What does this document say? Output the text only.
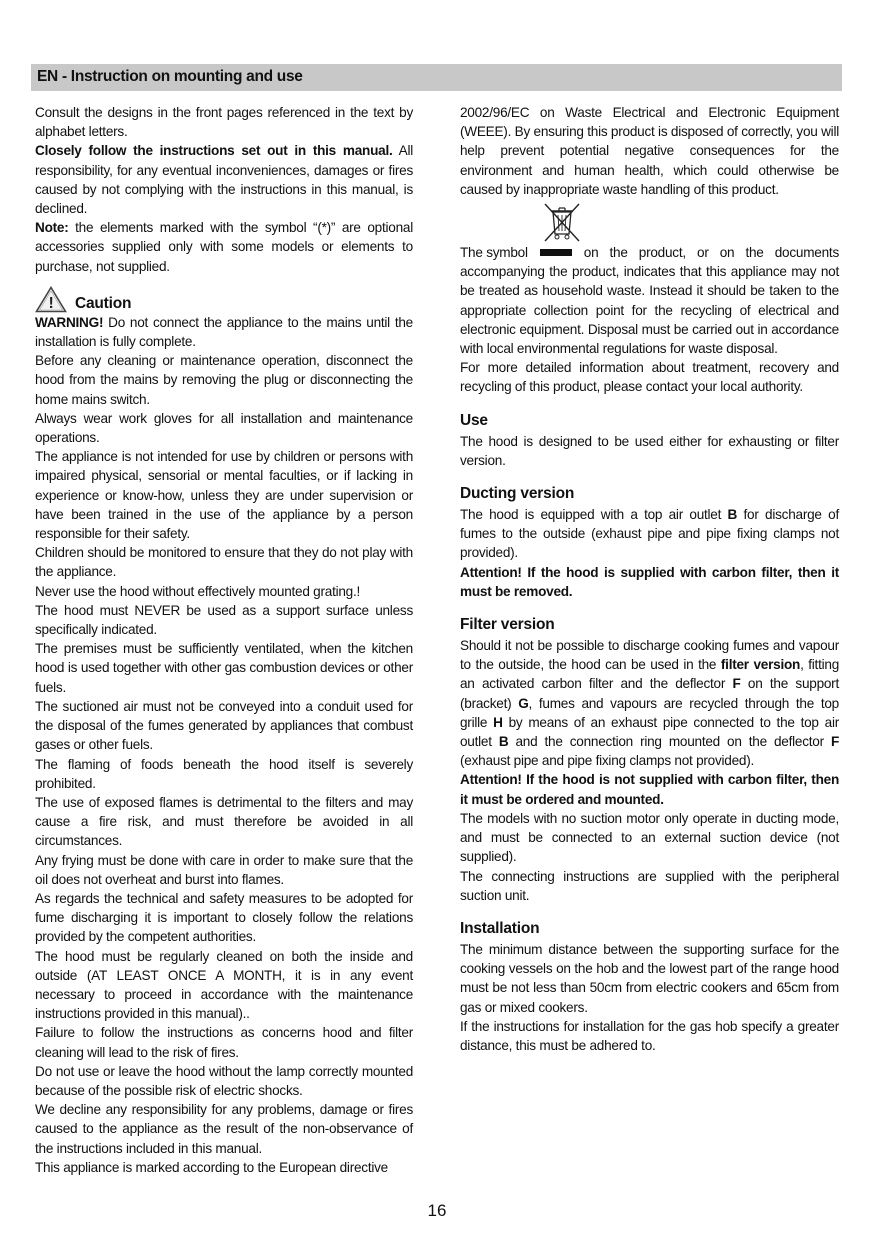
EN - Instruction on mounting and use

Consult the designs in the front pages referenced in the text by alphabet letters.

Closely follow the instructions set out in this manual. All responsibility, for any eventual inconveniences, damages or fires caused by not complying with the instructions in this manual, is declined.

Note: the elements marked with the symbol “(*)” are optional accessories supplied only with some models or elements to purchase, not supplied.

! Caution

WARNING! Do not connect the appliance to the mains until the installation is fully complete.

Before any cleaning or maintenance operation, disconnect the hood from the mains by removing the plug or disconnecting the home mains switch.

Always wear work gloves for all installation and maintenance operations.

The appliance is not intended for use by children or persons with impaired physical, sensorial or mental faculties, or if lacking in experience or know-how, unless they are under supervision or have been trained in the use of the appliance by a person responsible for their safety.

Children should be monitored to ensure that they do not play with the appliance.

Never use the hood without effectively mounted grating.!

The hood must NEVER be used as a support surface unless specifically indicated.

The premises must be sufficiently ventilated, when the kitchen hood is used together with other gas combustion devices or other fuels.

The suctioned air must not be conveyed into a conduit used for the disposal of the fumes generated by appliances that combust gases or other fuels.

The flaming of foods beneath the hood itself is severely prohibited.

The use of exposed flames is detrimental to the filters and may cause a fire risk, and must therefore be avoided in all circumstances.

Any frying must be done with care in order to make sure that the oil does not overheat and burst into flames.

As regards the technical and safety measures to be adopted for fume discharging it is important to closely follow the relations provided by the competent authorities.

The hood must be regularly cleaned on both the inside and outside (AT LEAST ONCE A MONTH, it is in any event necessary to proceed in accordance with the maintenance instructions provided in this manual)..

Failure to follow the instructions as concerns hood and filter cleaning will lead to the risk of fires.

Do not use or leave the hood without the lamp correctly mounted because of the possible risk of electric shocks.

We decline any responsibility for any problems, damage or fires caused to the appliance as the result of the non-observance of the instructions included in this manual.

This appliance is marked according to the European directive

2002/96/EC on Waste Electrical and Electronic Equipment (WEEE). By ensuring this product is disposed of correctly, you will help prevent potential negative consequences for the environment and human health, which could otherwise be caused by inappropriate waste handling of this product.

The symbol	on the product, or on the documents

accompanying the product, indicates that this appliance may not be treated as household waste. Instead it should be taken to the appropriate collection point for the recycling of electrical and electronic equipment. Disposal must be carried out in accordance with local environmental regulations for waste disposal.

For more detailed information about treatment, recovery and recycling of this product, please contact your local authority.

Use

The hood is designed to be used either for exhausting or filter version.

Ducting version

The hood is equipped with a top air outlet B for discharge of fumes to the outside (exhaust pipe and pipe fixing clamps not provided).

Attention! If the hood is supplied with carbon filter, then it must be removed.

Filter version

Should it not be possible to discharge cooking fumes and vapour to the outside, the hood can be used in the filter version, fitting an activated carbon filter and the deflector F on the support (bracket) G, fumes and vapours are recycled through the top grille H by means of an exhaust pipe connected to the top air outlet B and the connection ring mounted on the deflector F (exhaust pipe and pipe fixing clamps not provided).

Attention! If the hood is not supplied with carbon filter, then it must be ordered and mounted.

The models with no suction motor only operate in ducting mode, and must be connected to an external suction device (not supplied).

The connecting instructions are supplied with the peripheral suction unit.

Installation

The minimum distance between the supporting surface for the cooking vessels on the hob and the lowest part of the range hood must be not less than 50cm from electric cookers and 65cm from gas or mixed cookers.

If the instructions for installation for the gas hob specify a greater distance, this must be adhered to.

16
